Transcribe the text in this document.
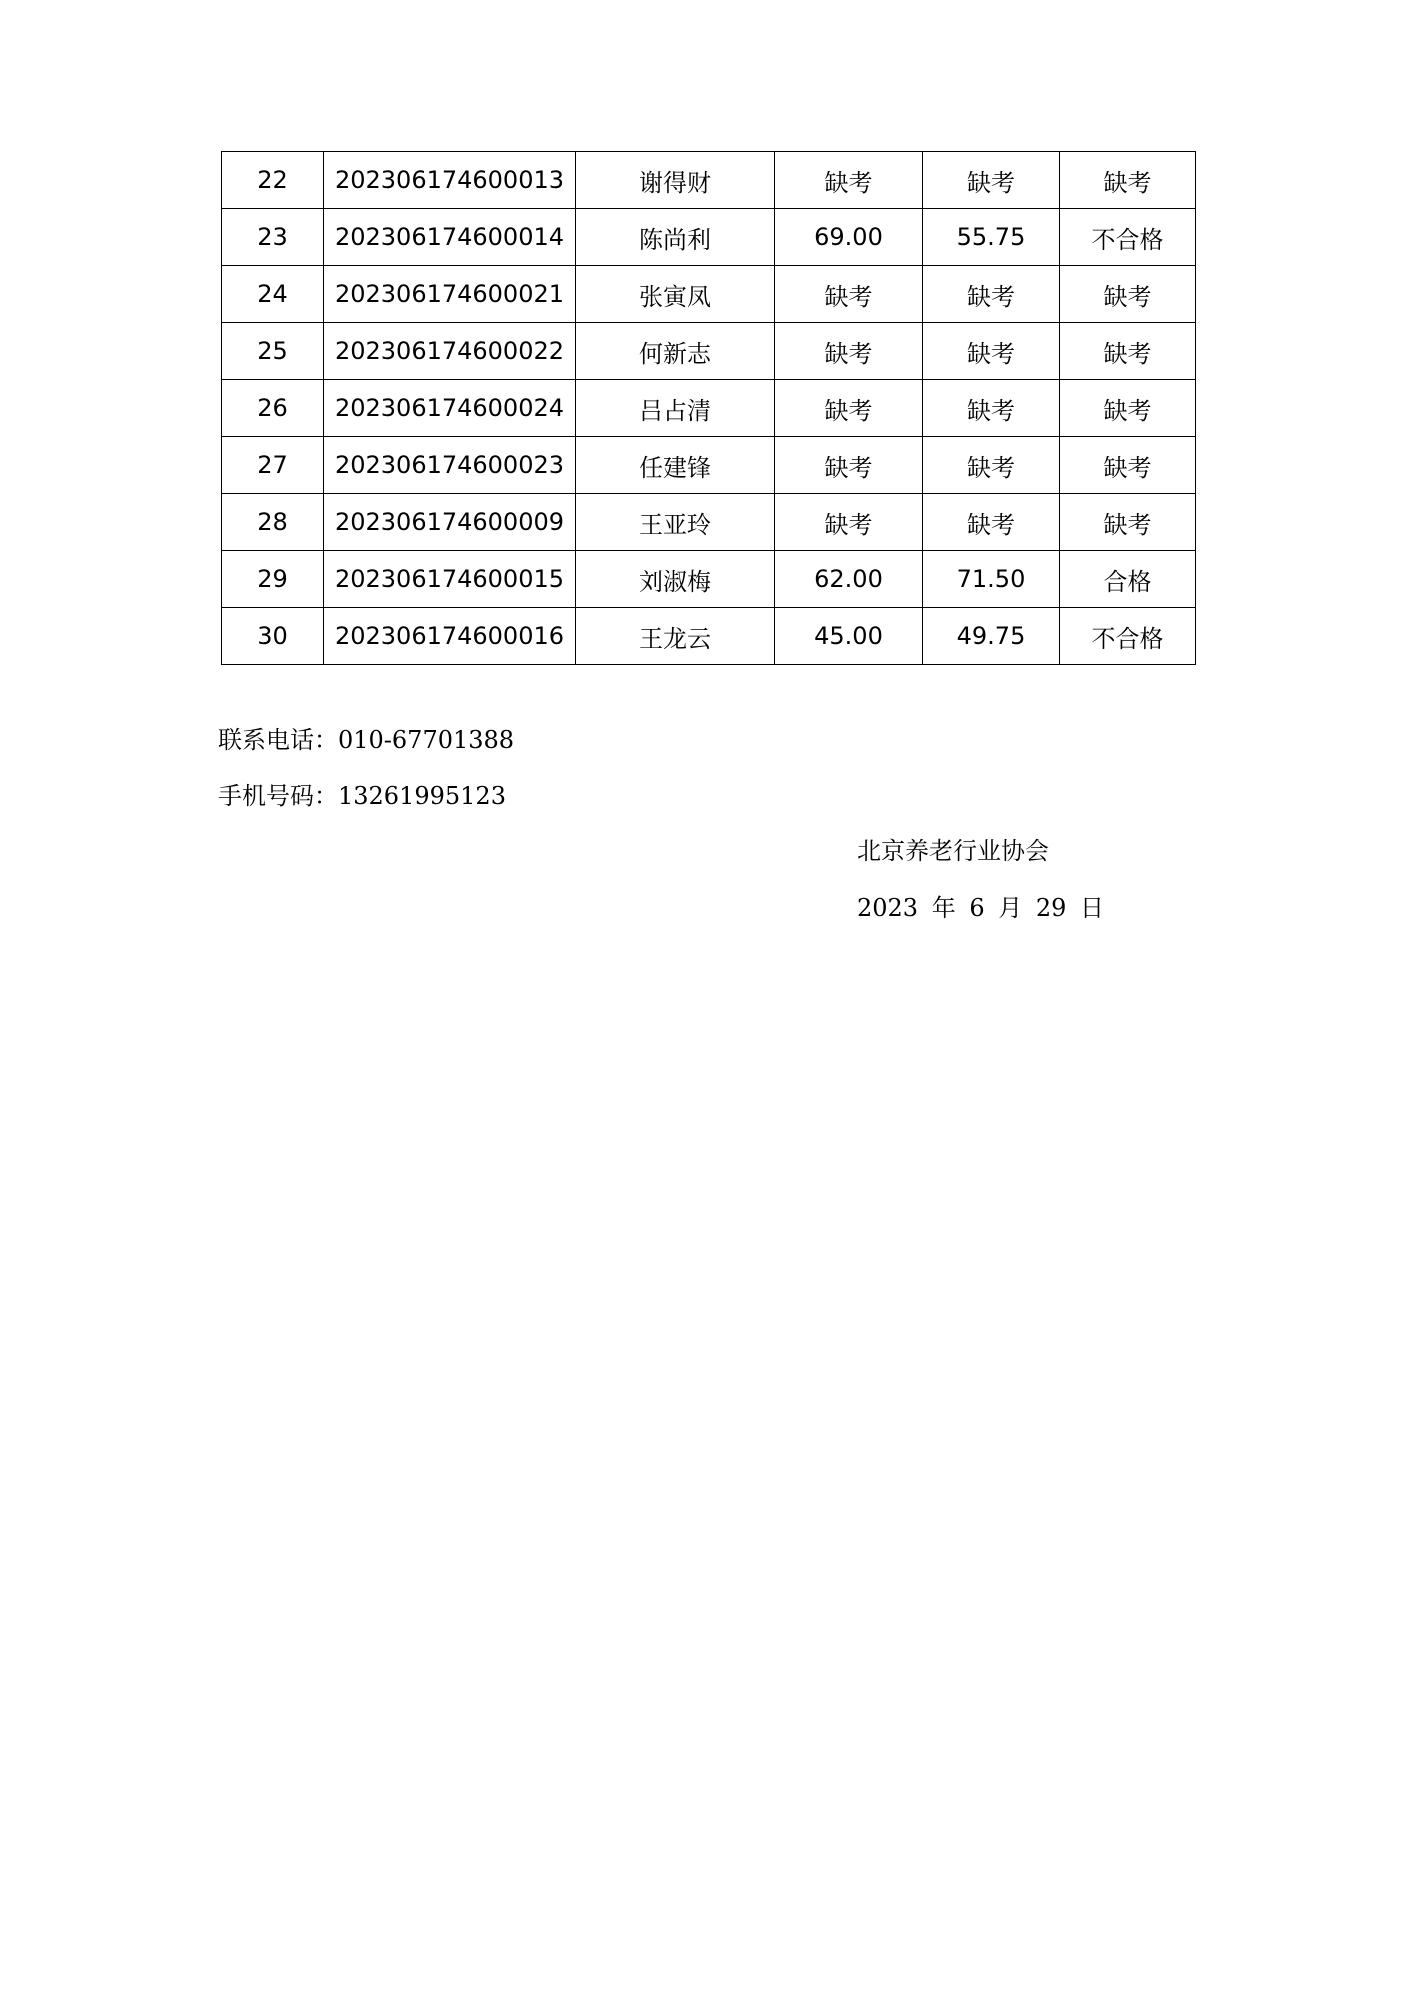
22	202306174600013	谢得财	缺考	缺考	缺考
23	202306174600014	陈尚利	69.00	55.75	不合格
24	202306174600021	张寅凤	缺考	缺考	缺考
25	202306174600022	何新志	缺考	缺考	缺考
26	202306174600024	吕占清	缺考	缺考	缺考
27	202306174600023	任建锋	缺考	缺考	缺考
28	202306174600009	王亚玲	缺考	缺考	缺考
29	202306174600015	刘淑梅	62.00	71.50	合格
30	202306174600016	王龙云	45.00	49.75	不合格
联系电话：010-67701388
手机号码：13261995123
北京养老行业协会
2023 年 6 月 29 日
